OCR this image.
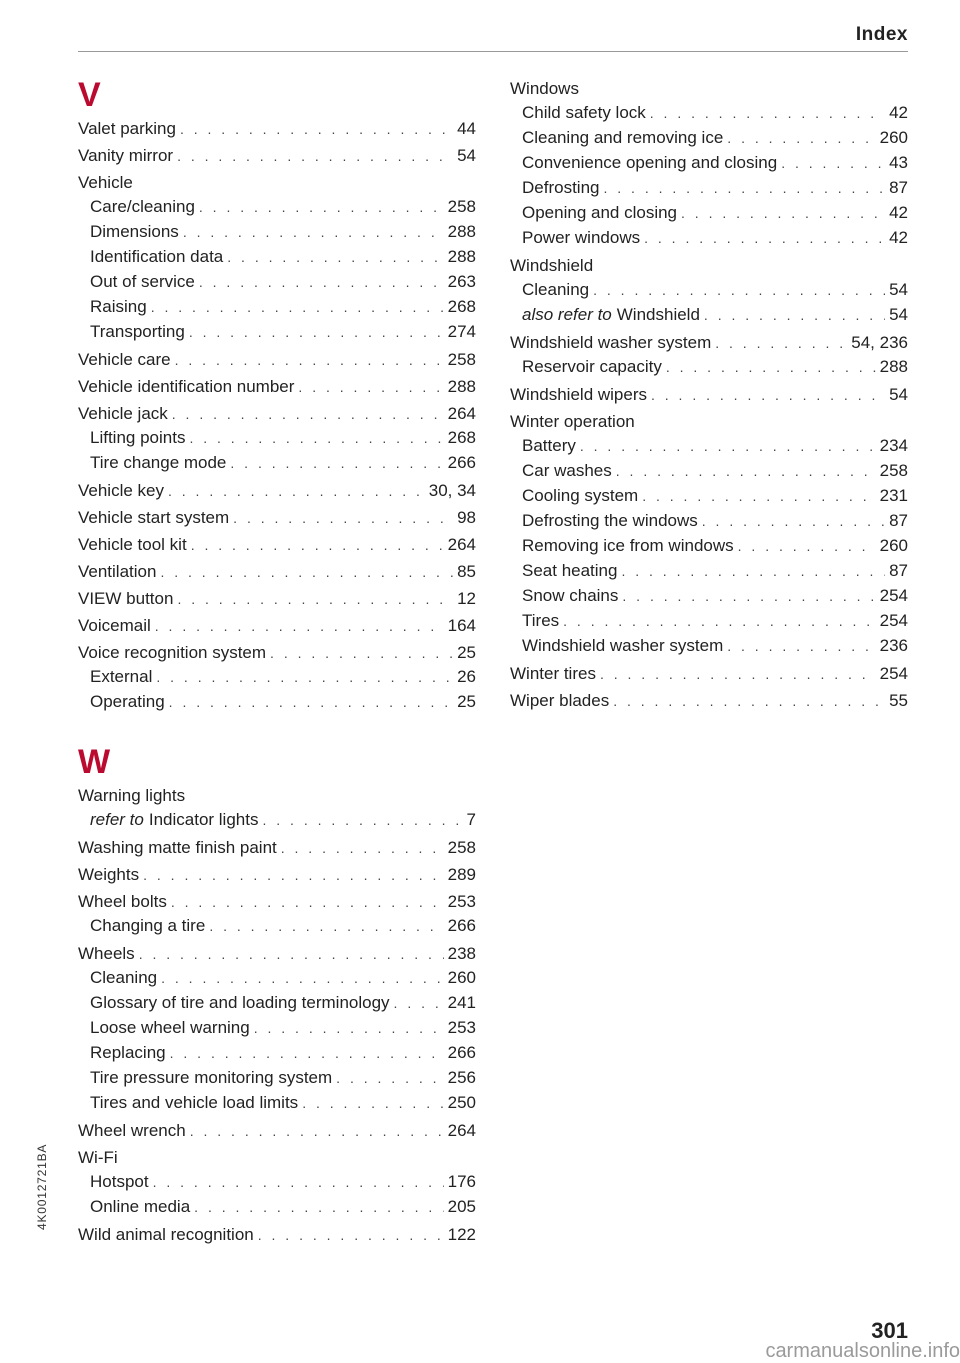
Index
V
Valet parking . . .	44
Vanity mirror . . .	54
Vehicle
Care/cleaning . . .	258
Dimensions . . .	288
Identification data . . .	288
Out of service . . .	263
Raising . . .	268
Transporting . . .	274
Vehicle care . . .	258
Vehicle identification number . . .	288
Vehicle jack . . .	264
Lifting points . . .	268
Tire change mode . . .	266
Vehicle key . . .	30, 34
Vehicle start system . . .	98
Vehicle tool kit . . .	264
Ventilation . . .	85
VIEW button . . .	12
Voicemail . . .	164
Voice recognition system . . .	25
External . . .	26
Operating . . .	25
W
Warning lights
refer to Indicator lights . . .	7
Washing matte finish paint . . .	258
Weights . . .	289
Wheel bolts . . .	253
Changing a tire . . .	266
Wheels . . .	238
Cleaning . . .	260
Glossary of tire and loading terminology . . .	241
Loose wheel warning . . .	253
Replacing . . .	266
Tire pressure monitoring system . . .	256
Tires and vehicle load limits . . .	250
Wheel wrench . . .	264
Wi-Fi
Hotspot . . .	176
Online media . . .	205
Wild animal recognition . . .	122
Windows
Child safety lock . . .	42
Cleaning and removing ice . . .	260
Convenience opening and closing . . .	43
Defrosting . . .	87
Opening and closing . . .	42
Power windows . . .	42
Windshield
Cleaning . . .	54
also refer to Windshield . . .	54
Windshield washer system . . .	54, 236
Reservoir capacity . . .	288
Windshield wipers . . .	54
Winter operation
Battery . . .	234
Car washes . . .	258
Cooling system . . .	231
Defrosting the windows . . .	87
Removing ice from windows . . .	260
Seat heating . . .	87
Snow chains . . .	254
Tires . . .	254
Windshield washer system . . .	236
Winter tires . . .	254
Wiper blades . . .	55
4K0012721BA
301
carmanualsonline.info
